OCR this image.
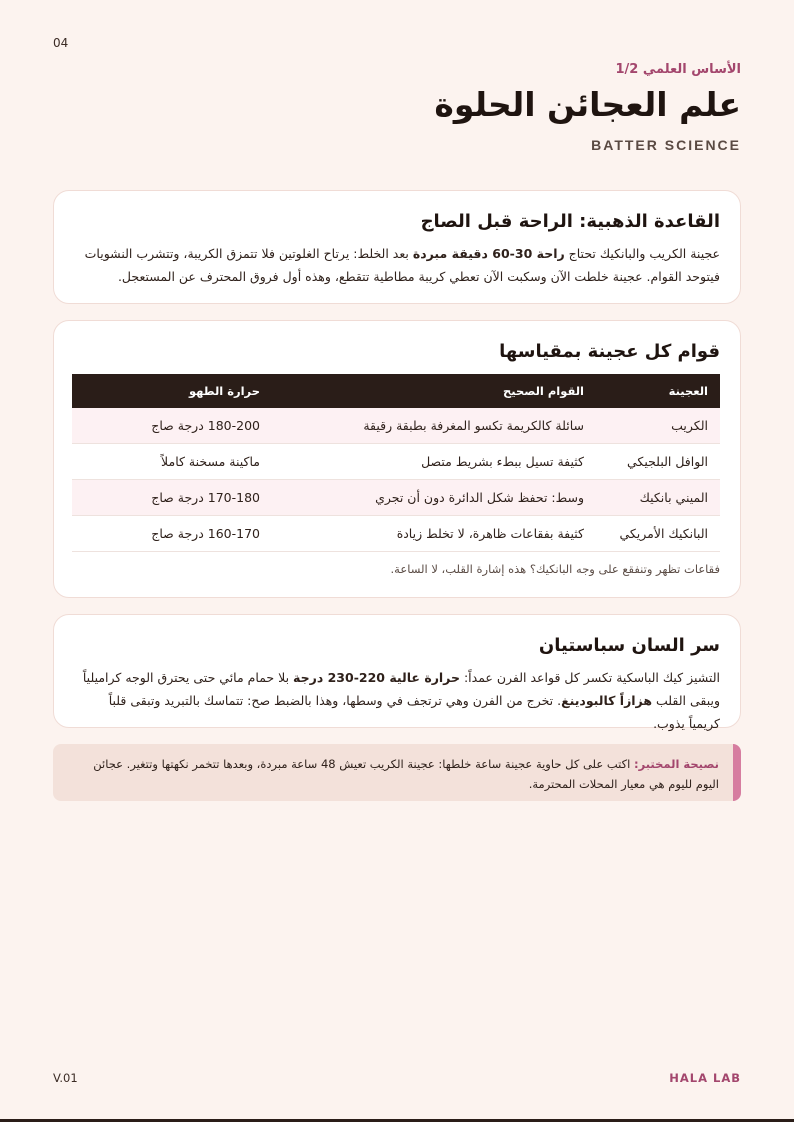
04
الأساس العلمي 1/2
علم العجائن الحلوة
BATTER SCIENCE
القاعدة الذهبية: الراحة قبل الصاج

عجينة الكريب والبانكيك تحتاج راحة 30-60 دقيقة مبردة بعد الخلط: يرتاح الغلوتين فلا تتمزق الكريبة، وتتشرب النشويات فيتوحد القوام. عجينة خلطت الآن وسكبت الآن تعطي كريبة مطاطية تتقطع، وهذه أول فروق المحترف عن المستعجل.

قوام كل عجينة بمقياسها
العجينة	القوام الصحيح	حرارة الطهو
الكريب	سائلة كالكريمة تكسو المغرفة بطبقة رقيقة	180-200 درجة صاج
الوافل البلجيكي	كثيفة تسيل ببطء بشريط متصل	ماكينة مسخنة كاملاً
الميني بانكيك	وسط: تحفظ شكل الدائرة دون أن تجري	170-180 درجة صاج
البانكيك الأمريكي	كثيفة بفقاعات ظاهرة، لا تخلط زيادة	160-170 درجة صاج
فقاعات تظهر وتنفقع على وجه البانكيك؟ هذه إشارة القلب، لا الساعة.
سر السان سباستيان

التشيز كيك الباسكية تكسر كل قواعد الفرن عمداً: حرارة عالية 220-230 درجة بلا حمام مائي حتى يحترق الوجه كراميلياً ويبقى القلب هزازاً كالبودينغ. تخرج من الفرن وهي ترتجف في وسطها، وهذا بالضبط صح: تتماسك بالتبريد وتبقى قلباً كريمياً يذوب.

نصيحة المختبر: اكتب على كل حاوية عجينة ساعة خلطها: عجينة الكريب تعيش 48 ساعة مبردة، وبعدها تتخمر نكهتها وتتغير. عجائن اليوم لليوم هي معيار المحلات المحترمة.
V.01	HALA LAB
